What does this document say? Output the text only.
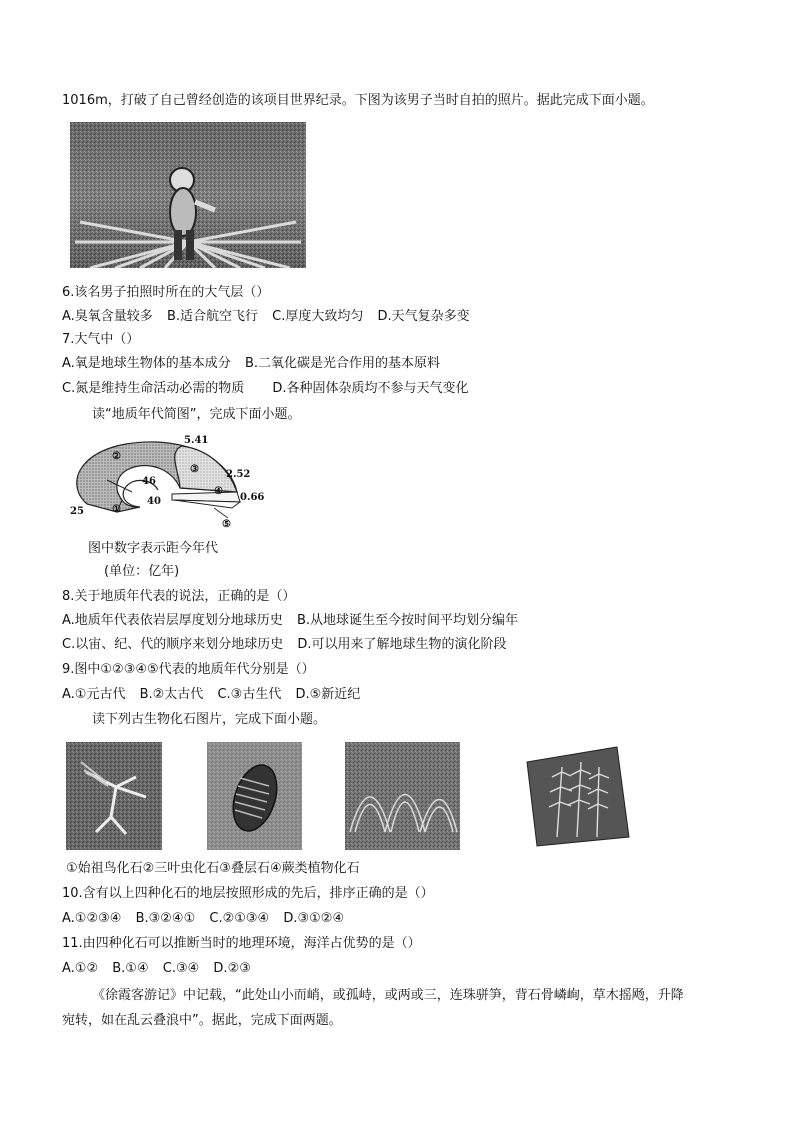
1016m，打破了自己曾经创造的该项目世界纪录。下图为该男子当时自拍的照片。据此完成下面小题。
6.该名男子拍照时所在的大气层（）
A.臭氧含量较多 B.适合航空飞行 C.厚度大致均匀 D.天气复杂多变
7.大气中（）
A.氧是地球生物体的基本成分 B.二氧化碳是光合作用的基本原料
C.氮是维持生命活动必需的物质 D.各种固体杂质均不参与天气变化
读“地质年代简图”，完成下面小题。
5.41
2.52
0.66
46
40
25
②
①
③
④
⑤
图中数字表示距今年代
(单位：亿年)
8.关于地质年代表的说法，正确的是（）
A.地质年代表依岩层厚度划分地球历史 B.从地球诞生至今按时间平均划分编年
C.以宙、纪、代的顺序来划分地球历史 D.可以用来了解地球生物的演化阶段
9.图中①②③④⑤代表的地质年代分别是（）
A.①元古代 B.②太古代 C.③古生代 D.⑤新近纪
读下列古生物化石图片，完成下面小题。
①始祖鸟化石②三叶虫化石③叠层石④蕨类植物化石
10.含有以上四种化石的地层按照形成的先后，排序正确的是（）
A.①②③④ B.③②④① C.②①③④ D.③①②④
11.由四种化石可以推断当时的地理环境，海洋占优势的是（）
A.①② B.①④ C.③④ D.②③
《徐霞客游记》中记载，“此处山小而峭，或孤峙，或两或三，连珠骈笋，背石骨嶙峋，草木摇飏，升降
宛转，如在乱云叠浪中”。据此，完成下面两题。
